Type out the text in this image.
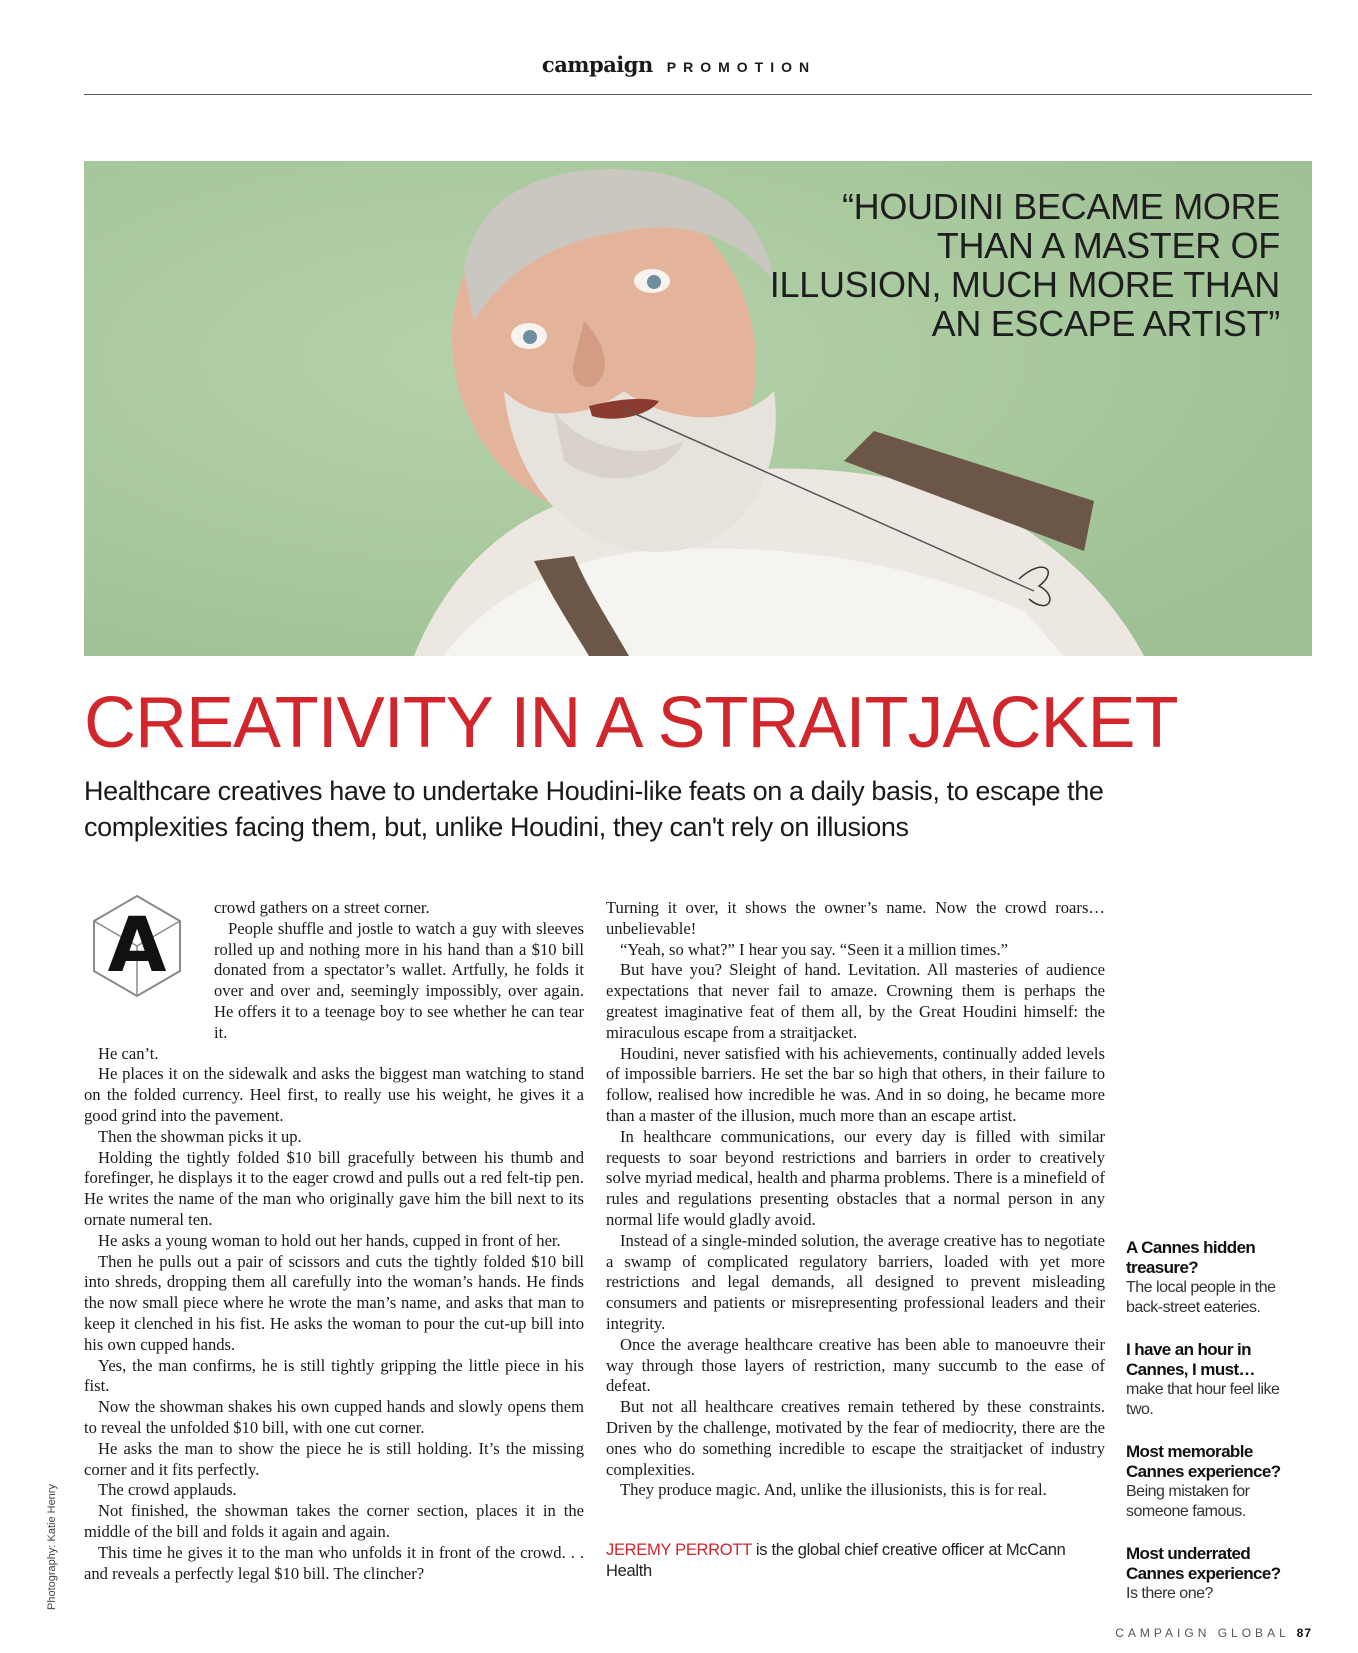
campaign PROMOTION
“HOUDINI BECAME MORE THAN A MASTER OF ILLUSION, MUCH MORE THAN AN ESCAPE ARTIST”
CREATIVITY IN A STRAITJACKET
Healthcare creatives have to undertake Houdini-like feats on a daily basis, to escape the complexities facing them, but, unlike Houdini, they can't rely on illusions
A	crowd gathers on a street corner.

People shuffle and jostle to watch a guy with sleeves rolled up and nothing more in his hand than a $10 bill donated from a spectator’s wallet. Artfully, he folds it over and over and, seemingly impossibly, over again. He offers it to a teenage boy to see whether he can tear it.

He can’t.

He places it on the sidewalk and asks the biggest man watching to stand on the folded currency. Heel first, to really use his weight, he gives it a good grind into the pavement.

Then the showman picks it up.

Holding the tightly folded $10 bill gracefully between his thumb and forefinger, he displays it to the eager crowd and pulls out a red felt-tip pen. He writes the name of the man who originally gave him the bill next to its ornate numeral ten.

He asks a young woman to hold out her hands, cupped in front of her.

Then he pulls out a pair of scissors and cuts the tightly folded $10 bill into shreds, dropping them all carefully into the woman’s hands. He finds the now small piece where he wrote the man’s name, and asks that man to keep it clenched in his fist. He asks the woman to pour the cut-up bill into his own cupped hands.

Yes, the man confirms, he is still tightly gripping the little piece in his fist.

Now the showman shakes his own cupped hands and slowly opens them to reveal the unfolded $10 bill, with one cut corner.

He asks the man to show the piece he is still holding. It’s the missing corner and it fits perfectly.

The crowd applauds.

Not finished, the showman takes the corner section, places it in the middle of the bill and folds it again and again.

This time he gives it to the man who unfolds it in front of the crowd. . . and reveals a perfectly legal $10 bill. The clincher?

Turning it over, it shows the owner’s name. Now the crowd roars… unbelievable!

“Yeah, so what?” I hear you say. “Seen it a million times.”

But have you? Sleight of hand. Levitation. All masteries of audience expectations that never fail to amaze. Crowning them is perhaps the greatest imaginative feat of them all, by the Great Houdini himself: the miraculous escape from a straitjacket.

Houdini, never satisfied with his achievements, continually added levels of impossible barriers. He set the bar so high that others, in their failure to follow, realised how incredible he was. And in so doing, he became more than a master of the illusion, much more than an escape artist.

In healthcare communications, our every day is filled with similar requests to soar beyond restrictions and barriers in order to creatively solve myriad medical, health and pharma problems. There is a minefield of rules and regulations presenting obstacles that a normal person in any normal life would gladly avoid.

Instead of a single-minded solution, the average creative has to negotiate a swamp of complicated regulatory barriers, loaded with yet more restrictions and legal demands, all designed to prevent misleading consumers and patients or misrepresenting professional leaders and their integrity.

Once the average healthcare creative has been able to manoeuvre their way through those layers of restriction, many succumb to the ease of defeat.

But not all healthcare creatives remain tethered by these constraints. Driven by the challenge, motivated by the fear of mediocrity, there are the ones who do something incredible to escape the straitjacket of industry complexities.

They produce magic. And, unlike the illusionists, this is for real.

JEREMY PERROTT is the global chief creative officer at McCann Health
A Cannes hidden treasure?
The local people in the back-street eateries.
I have an hour in Cannes, I must…
make that hour feel like two.
Most memorable Cannes experience?
Being mistaken for someone famous.
Most underrated Cannes experience?
Is there one?
Photography: Katie Henry
CAMPAIGN GLOBAL 87
